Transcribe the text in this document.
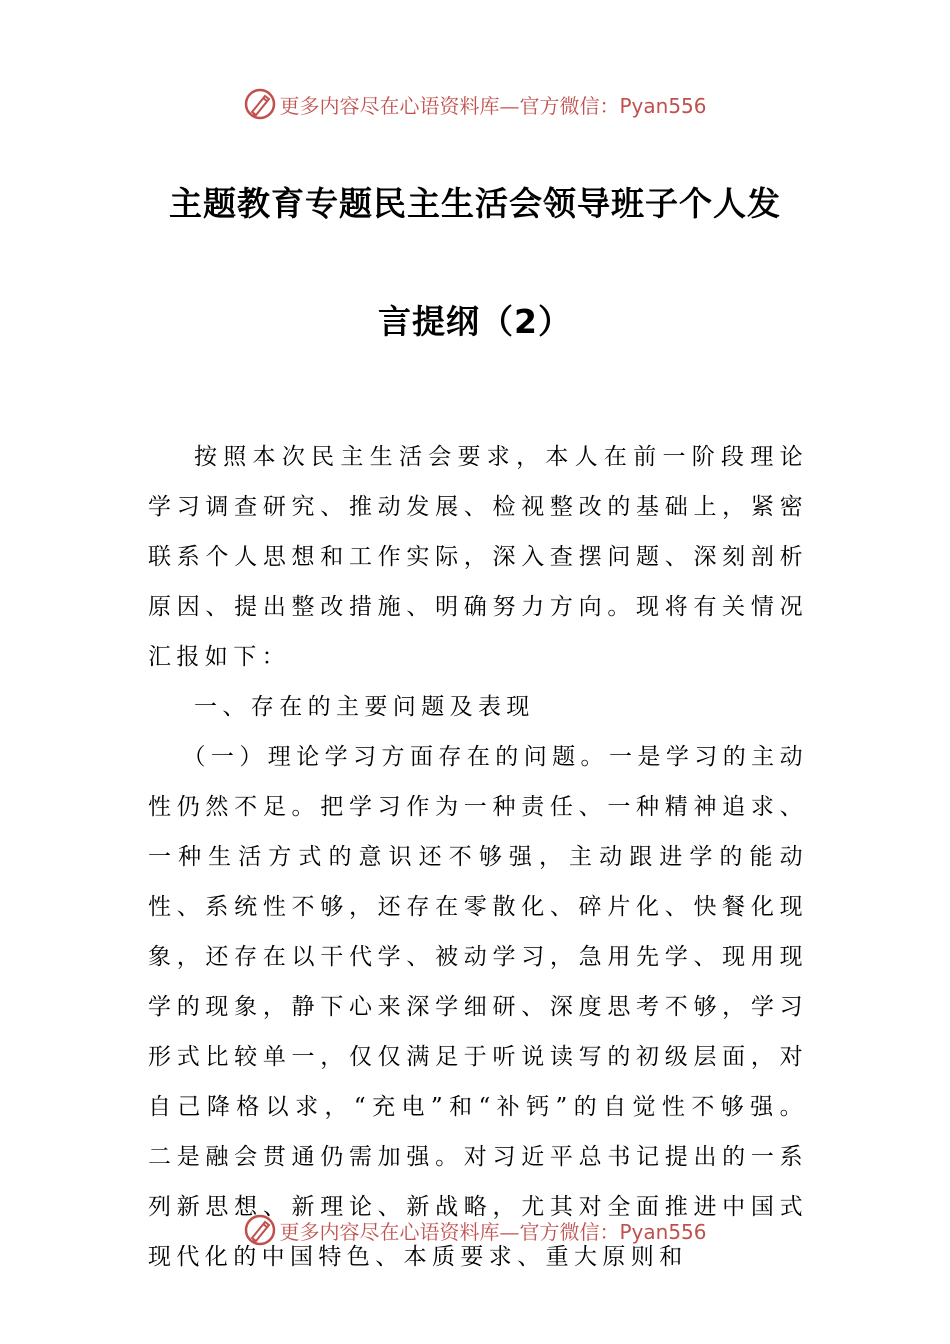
更多内容尽在心语资料库—官方微信：Pyan556
主题教育专题民主生活会领导班子个人发
言提纲（2）

按照本次民主生活会要求，本人在前一阶段理论学习调查研究、推动发展、检视整改的基础上，紧密联系个人思想和工作实际，深入查摆问题、深刻剖析原因、提出整改措施、明确努力方向。现将有关情况汇报如下：

一、存在的主要问题及表现

（一）理论学习方面存在的问题。一是学习的主动性仍然不足。把学习作为一种责任、一种精神追求、一种生活方式的意识还不够强，主动跟进学的能动性、系统性不够，还存在零散化、碎片化、快餐化现象，还存在以干代学、被动学习，急用先学、现用现学的现象，静下心来深学细研、深度思考不够，学习形式比较单一，仅仅满足于听说读写的初级层面，对自己降格以求，“充电”和“补钙”的自觉性不够强。二是融会贯通仍需加强。对习近平总书记提出的一系列新思想、新理论、新战略，尤其对全面推进中国式现代化的中国特色、本质要求、重大原则和

更多内容尽在心语资料库—官方微信：Pyan556
